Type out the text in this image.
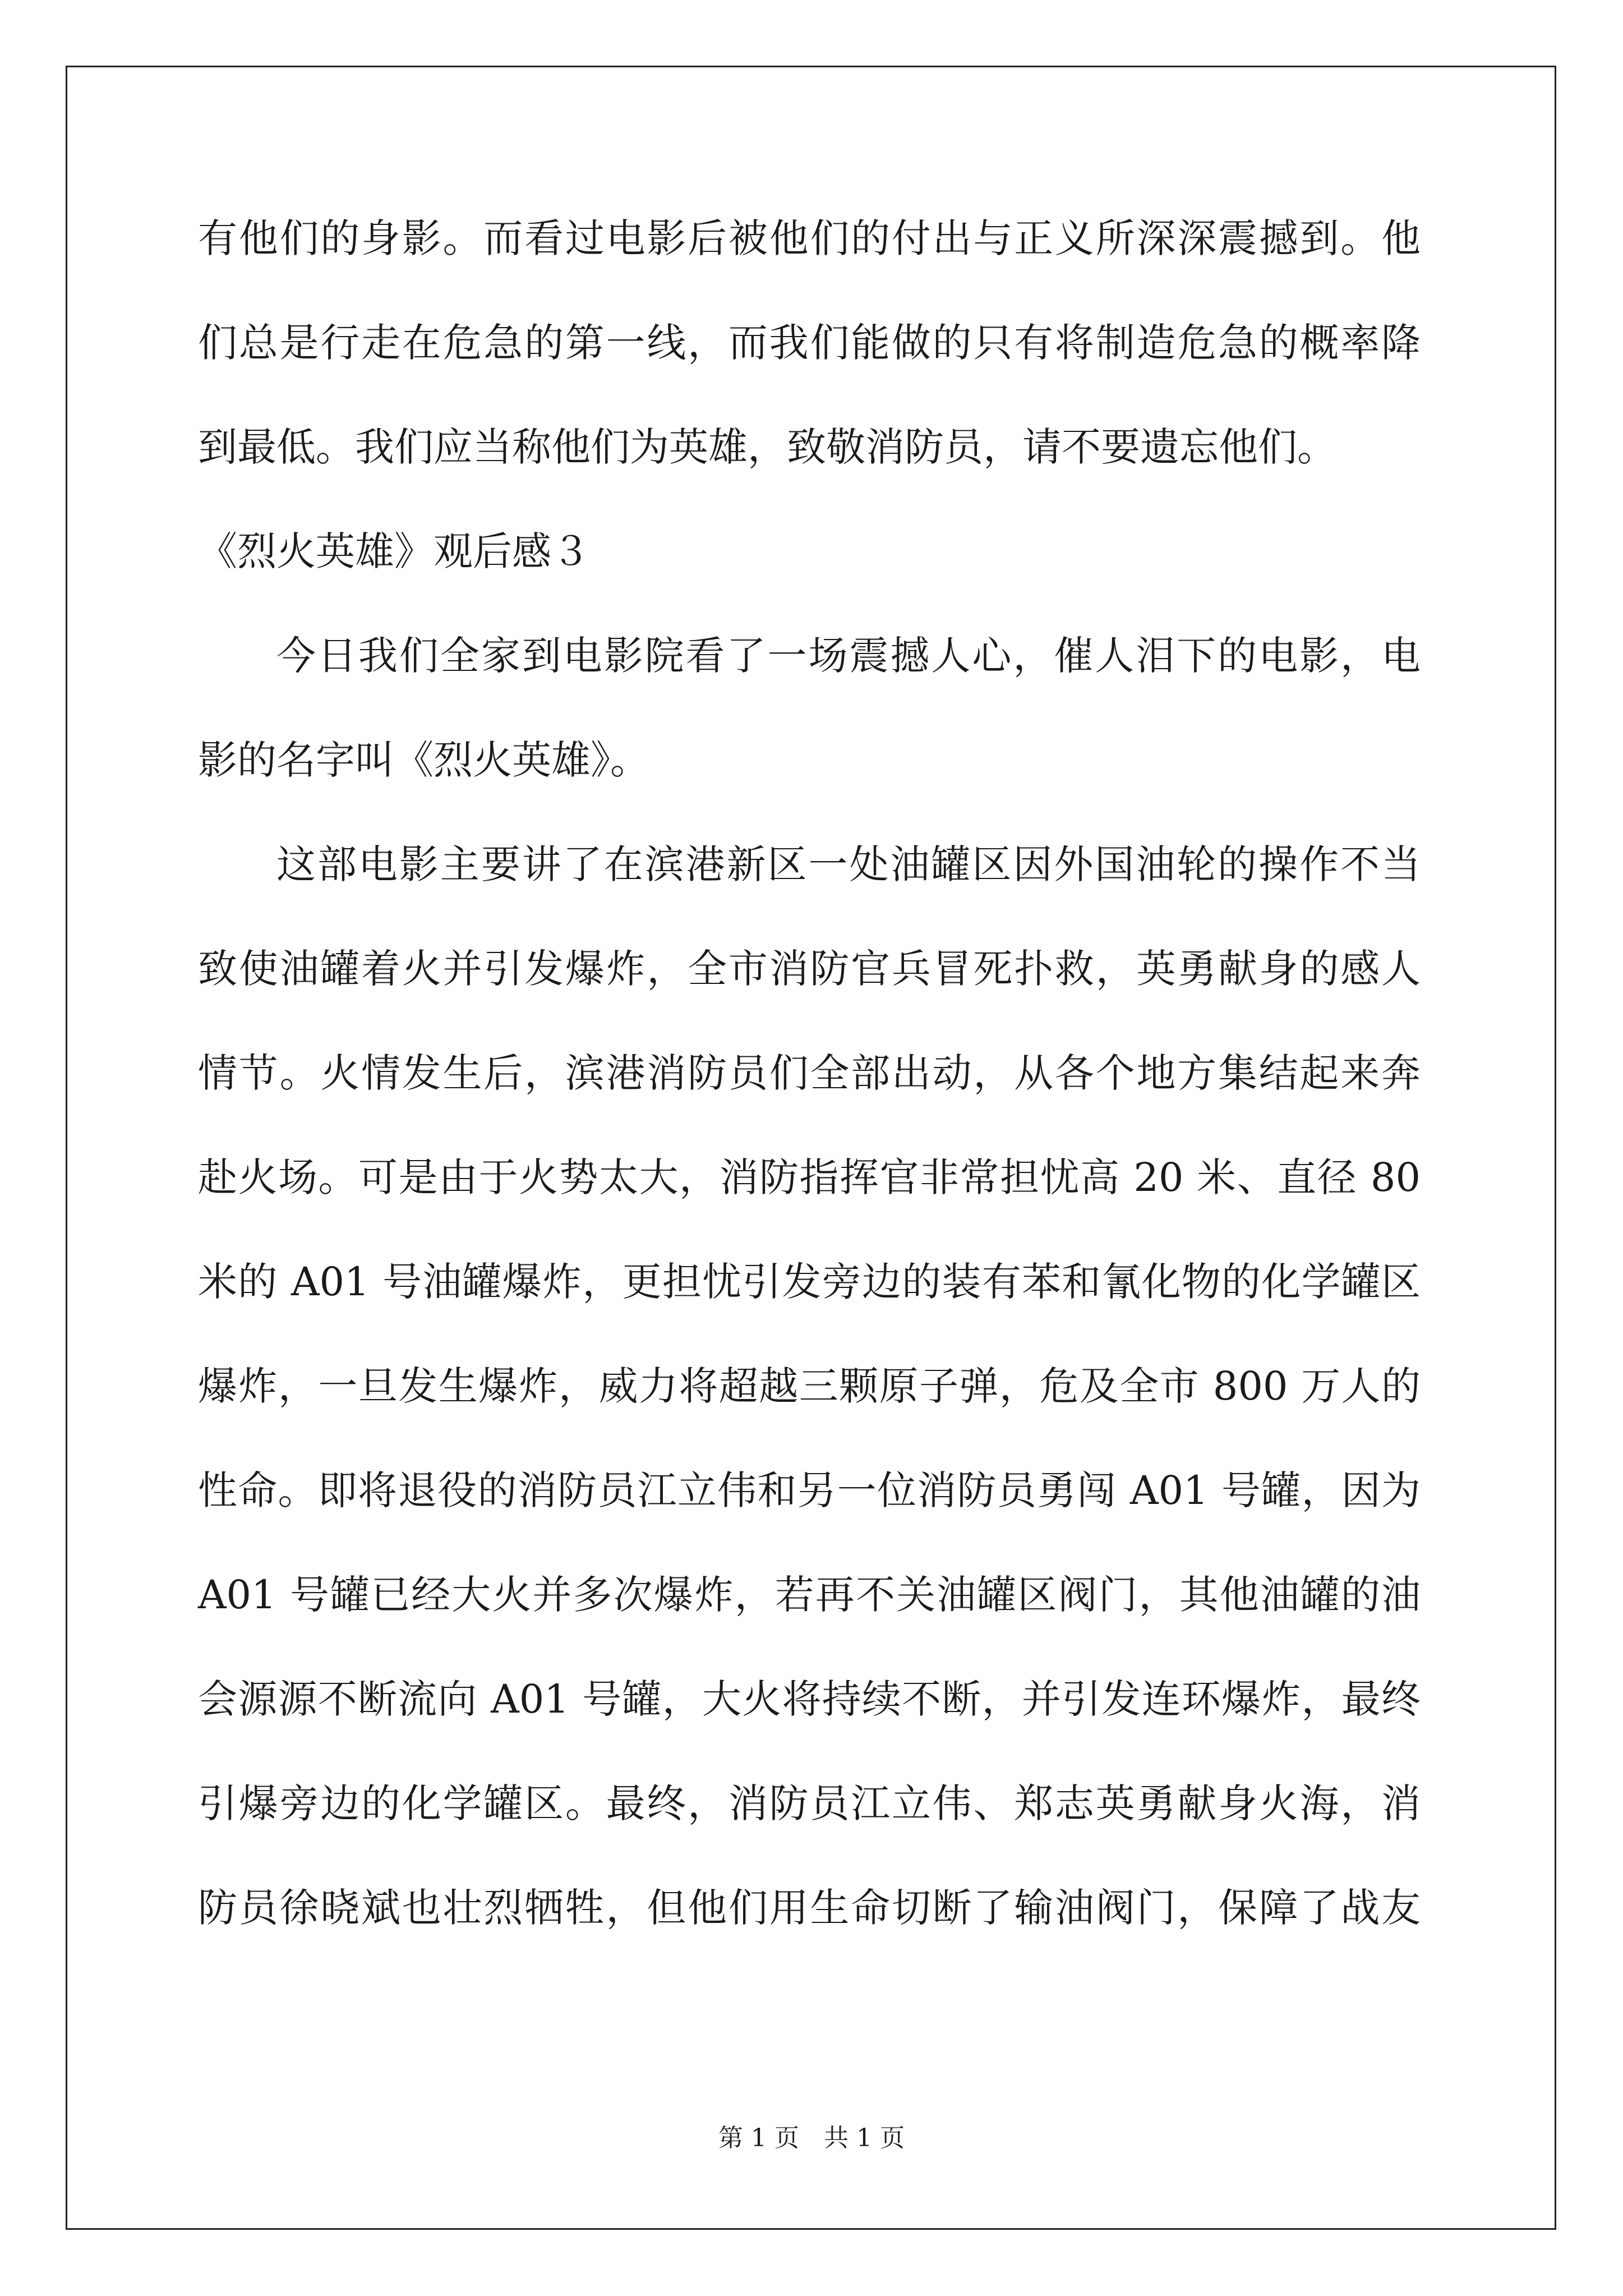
有他们的身影。而看过电影后被他们的付出与正义所深深震撼到。他
们总是行走在危急的第一线，而我们能做的只有将制造危急的概率降
到最低。我们应当称他们为英雄，致敬消防员，请不要遗忘他们。
《烈火英雄》观后感３
今日我们全家到电影院看了一场震撼人心，催人泪下的电影，电
影的名字叫《烈火英雄》。
这部电影主要讲了在滨港新区一处油罐区因外国油轮的操作不当
致使油罐着火并引发爆炸，全市消防官兵冒死扑救，英勇献身的感人
情节。火情发生后，滨港消防员们全部出动，从各个地方集结起来奔
赴火场。可是由于火势太大，消防指挥官非常担忧高 20 米、直径 80
米的 A01 号油罐爆炸，更担忧引发旁边的装有苯和氰化物的化学罐区
爆炸，一旦发生爆炸，威力将超越三颗原子弹，危及全市 800 万人的
性命。即将退役的消防员江立伟和另一位消防员勇闯 A01 号罐，因为
A01 号罐已经大火并多次爆炸，若再不关油罐区阀门，其他油罐的油
会源源不断流向 A01 号罐，大火将持续不断，并引发连环爆炸，最终
引爆旁边的化学罐区。最终，消防员江立伟、郑志英勇献身火海，消
防员徐晓斌也壮烈牺牲，但他们用生命切断了输油阀门，保障了战友
第 1 页　共 1 页
